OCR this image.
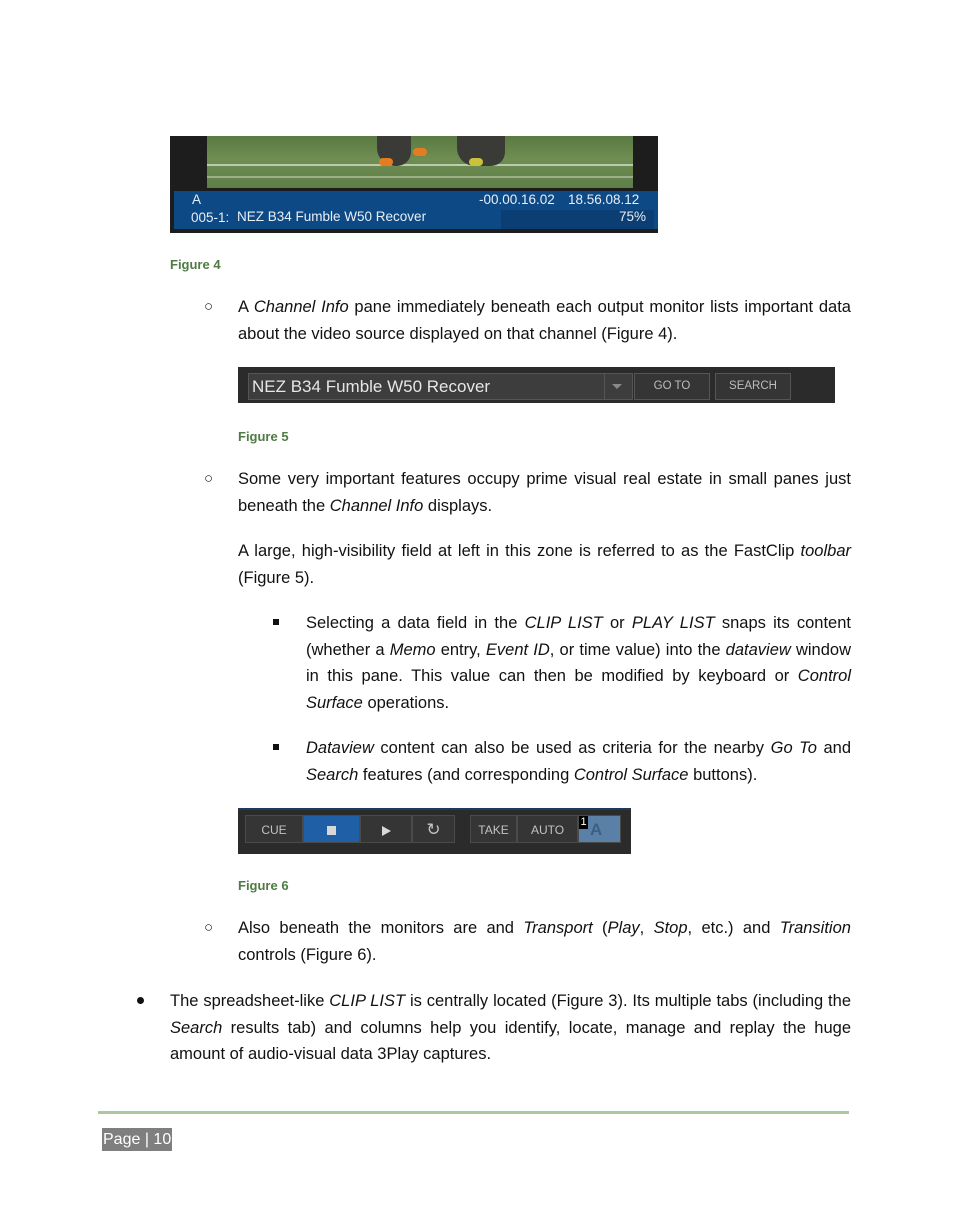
A
005-1: NEZ B34 Fumble W50 Recover
-00.00.16.02 18.56.08.12
75%
Figure 4
○ A Channel Info pane immediately beneath each output monitor lists important data about the video source displayed on that channel (Figure 4).
NEZ B34 Fumble W50 Recover	GO TO	SEARCH
Figure 5
○ Some very important features occupy prime visual real estate in small panes just beneath the Channel Info displays.
A large, high-visibility field at left in this zone is referred to as the FastClip toolbar (Figure 5).
Selecting a data field in the CLIP LIST or PLAY LIST snaps its content (whether a Memo entry, Event ID, or time value) into the dataview window in this pane. This value can then be modified by keyboard or Control Surface operations.
Dataview content can also be used as criteria for the nearby Go To and Search features (and corresponding Control Surface buttons).
CUE	↻	TAKE	AUTO
1 A
Figure 6
○ Also beneath the monitors are and Transport (Play, Stop, etc.) and Transition controls (Figure 6).
The spreadsheet-like CLIP LIST is centrally located (Figure 3). Its multiple tabs (including the Search results tab) and columns help you identify, locate, manage and replay the huge amount of audio-visual data 3Play captures.
Page | 10
